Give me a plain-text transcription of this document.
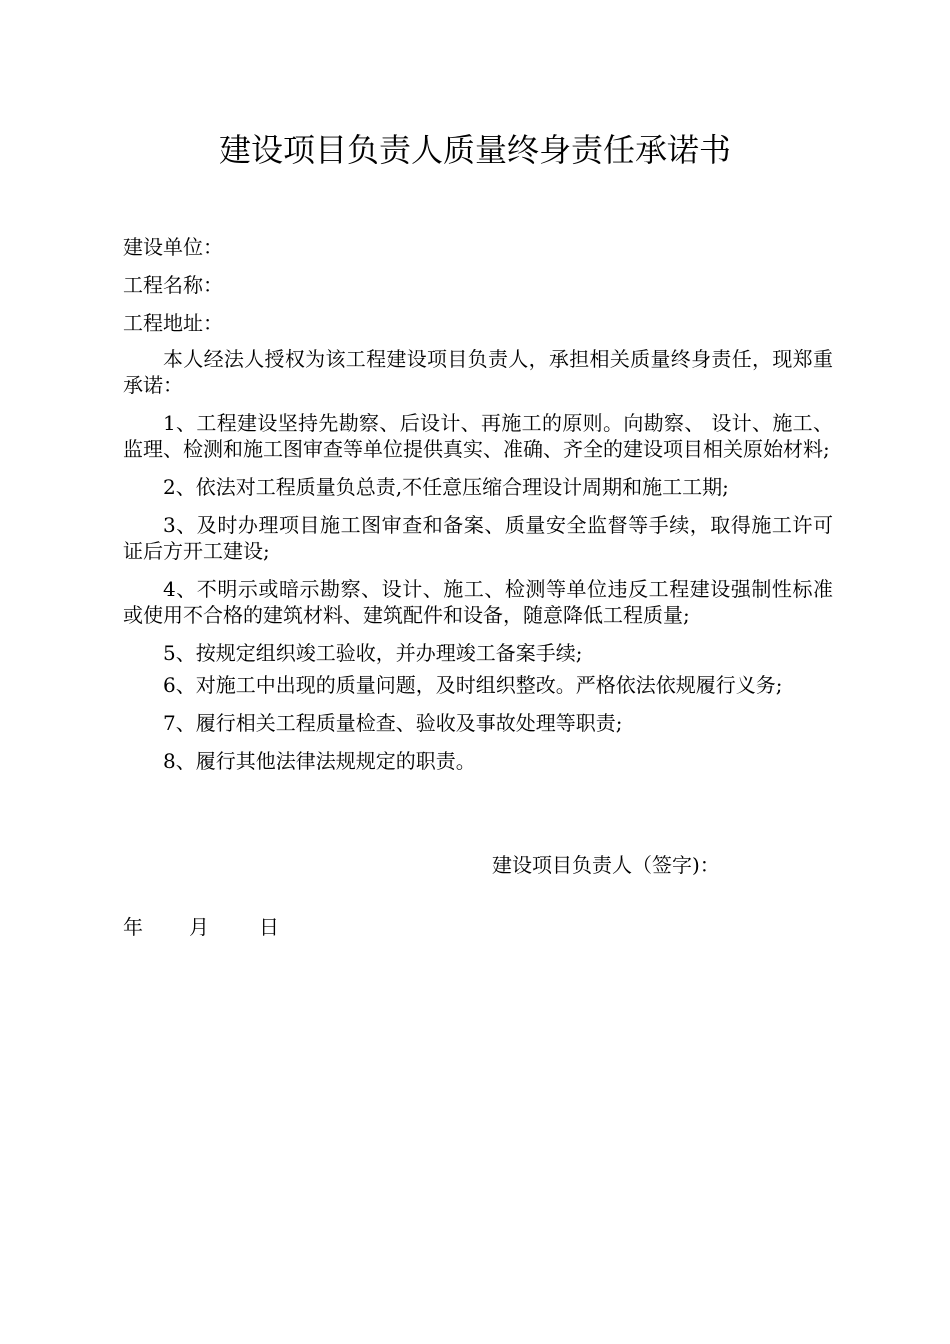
建设项目负责人质量终身责任承诺书

建设单位：

工程名称：

工程地址：

本人经法人授权为该工程建设项目负责人，承担相关质量终身责任，现郑重承诺：

1、工程建设坚持先勘察、后设计、再施工的原则。向勘察、 设计、施工、监理、检测和施工图审查等单位提供真实、准确、齐全的建设项目相关原始材料;

2、依法对工程质量负总责,不任意压缩合理设计周期和施工工期;

3、及时办理项目施工图审查和备案、质量安全监督等手续，取得施工许可证后方开工建设;

4、不明示或暗示勘察、设计、施工、检测等单位违反工程建设强制性标准或使用不合格的建筑材料、建筑配件和设备，随意降低工程质量;

5、按规定组织竣工验收，并办理竣工备案手续;

6、对施工中出现的质量问题，及时组织整改。严格依法依规履行义务;

7、履行相关工程质量检查、验收及事故处理等职责;

8、履行其他法律法规规定的职责。

建设项目负责人（签字)：
年 月	日
